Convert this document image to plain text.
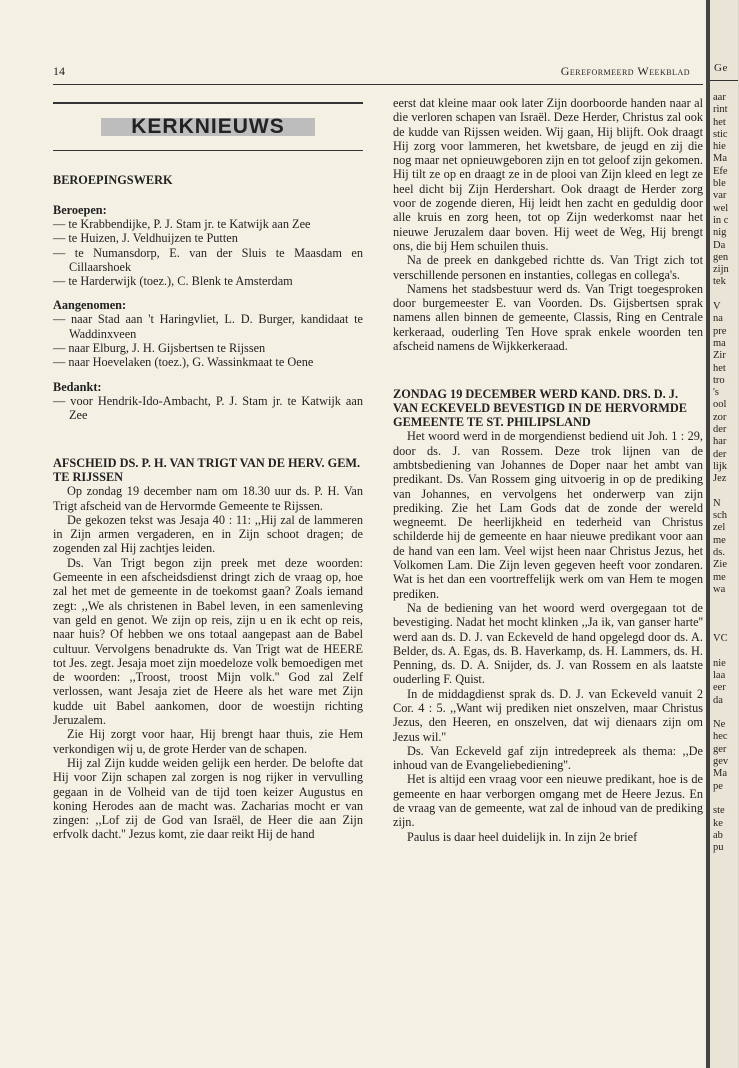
14	Gereformeerd Weekblad
KERKNIEUWS
BEROEPINGSWERK
Beroepen:
— te Krabbendijke, P. J. Stam jr. te Katwijk aan Zee
— te Huizen, J. Veldhuijzen te Putten
— te Numansdorp, E. van der Sluis te Maasdam en Cillaarshoek
— te Harderwijk (toez.), C. Blenk te Amsterdam
Aangenomen:
— naar Stad aan 't Haringvliet, L. D. Burger, kandidaat te Waddinxveen
— naar Elburg, J. H. Gijsbertsen te Rijssen
— naar Hoevelaken (toez.), G. Wassinkmaat te Oene
Bedankt:
— voor Hendrik-Ido-Ambacht, P. J. Stam jr. te Katwijk aan Zee
AFSCHEID DS. P. H. VAN TRIGT VAN DE HERV. GEM. TE RIJSSEN

Op zondag 19 december nam om 18.30 uur ds. P. H. Van Trigt afscheid van de Hervormde Gemeente te Rijssen.

De gekozen tekst was Jesaja 40 : 11: ,,Hij zal de lammeren in Zijn armen vergaderen, en in Zijn schoot dragen; de zogenden zal Hij zachtjes leiden.

Ds. Van Trigt begon zijn preek met deze woorden: Gemeente in een afscheidsdienst dringt zich de vraag op, hoe zal het met de gemeente in de toekomst gaan? Zoals iemand zegt: ,,We als christenen in Babel leven, in een samenleving van geld en genot. We zijn op reis, zijn u en ik echt op reis, naar huis? Of hebben we ons totaal aangepast aan de Babel cultuur. Vervolgens benadrukte ds. Van Trigt wat de HEERE tot Jes. zegt. Jesaja moet zijn moedeloze volk bemoedigen met de woorden: ,,Troost, troost Mijn volk.'' God zal Zelf verlossen, want Jesaja ziet de Heere als het ware met Zijn kudde uit Babel aankomen, door de woestijn richting Jeruzalem.

Zie Hij zorgt voor haar, Hij brengt haar thuis, zie Hem verkondigen wij u, de grote Herder van de schapen.

Hij zal Zijn kudde weiden gelijk een herder. De belofte dat Hij voor Zijn schapen zal zorgen is nog rijker in vervulling gegaan in de Volheid van de tijd toen keizer Augustus en koning Herodes aan de macht was. Zacharias mocht er van zingen: ,,Lof zij de God van Israël, de Heer die aan Zijn erfvolk dacht.'' Jezus komt, zie daar reikt Hij de hand

eerst dat kleine maar ook later Zijn doorboorde handen naar al die verloren schapen van Israël. Deze Herder, Christus zal ook de kudde van Rijssen weiden. Wij gaan, Hij blijft. Ook draagt Hij zorg voor lammeren, het kwetsbare, de jeugd en zij die nog maar net opnieuwgeboren zijn en tot geloof zijn gekomen. Hij tilt ze op en draagt ze in de plooi van Zijn kleed en legt ze heel dicht bij Zijn Herdershart. Ook draagt de Herder zorg voor de zogende dieren, Hij leidt hen zacht en geduldig door alle kruis en zorg heen, tot op Zijn wederkomst naar het nieuwe Jeruzalem daar boven. Hij weet de Weg, Hij brengt ons, die bij Hem schuilen thuis.

Na de preek en dankgebed richtte ds. Van Trigt zich tot verschillende personen en instanties, collegas en collega's.

Namens het stadsbestuur werd ds. Van Trigt toegesproken door burgemeester E. van Voorden. Ds. Gijsbertsen sprak namens allen binnen de gemeente, Classis, Ring en Centrale kerkeraad, ouderling Ten Hove sprak enkele woorden ten afscheid namens de Wijkkerkeraad.

ZONDAG 19 DECEMBER WERD KAND. DRS. D. J. VAN ECKEVELD BEVESTIGD IN DE HERVORMDE GEMEENTE TE ST. PHILIPSLAND

Het woord werd in de morgendienst bediend uit Joh. 1 : 29, door ds. J. van Rossem. Deze trok lijnen van de ambtsbediening van Johannes de Doper naar het ambt van predikant. Ds. Van Rossem ging uitvoerig in op de prediking van Johannes, en vervolgens het onderwerp van zijn prediking. Zie het Lam Gods dat de zonde der wereld wegneemt. De heerlijkheid en tederheid van Christus schilderde hij de gemeente en haar nieuwe predikant voor aan de hand van een lam. Veel wijst heen naar Christus Jezus, het Volkomen Lam. Die Zijn leven gegeven heeft voor zondaren. Wat is het dan een voortreffelijk werk om van Hem te mogen prediken.

Na de bediening van het woord werd overgegaan tot de bevestiging. Nadat het mocht klinken ,,Ja ik, van ganser harte'' werd aan ds. D. J. van Eckeveld de hand opgelegd door ds. A. Belder, ds. A. Egas, ds. B. Haverkamp, ds. H. Lammers, ds. H. Penning, ds. D. A. Snijder, ds. J. van Rossem en als laatste ouderling F. Quist.

In de middagdienst sprak ds. D. J. van Eckeveld vanuit 2 Cor. 4 : 5. ,,Want wij prediken niet onszelven, maar Christus Jezus, den Heeren, en onszelven, dat wij dienaars zijn om Jezus wil.''

Ds. Van Eckeveld gaf zijn intredepreek als thema: ,,De inhoud van de Evangeliebediening''.

Het is altijd een vraag voor een nieuwe predikant, hoe is de gemeente en haar verborgen omgang met de Heere Jezus. En de vraag van de gemeente, wat zal de inhoud van de prediking zijn.

Paulus is daar heel duidelijk in. In zijn 2e brief

Ge
aar
rint
het
stic
hie
Ma
Efe
ble
var
wel
in c
nig
Da
gen
zijn
tek

V
na
pre
ma
Zir
het
tro
's
ool
zor
der
har
der
lijk
Jez

N
sch
zel
me
ds.
Zie
me
wa

VC

nie
laa
eer
da

Ne
hec
ger
gev
Ma
pe

ste
ke
ab
pu
